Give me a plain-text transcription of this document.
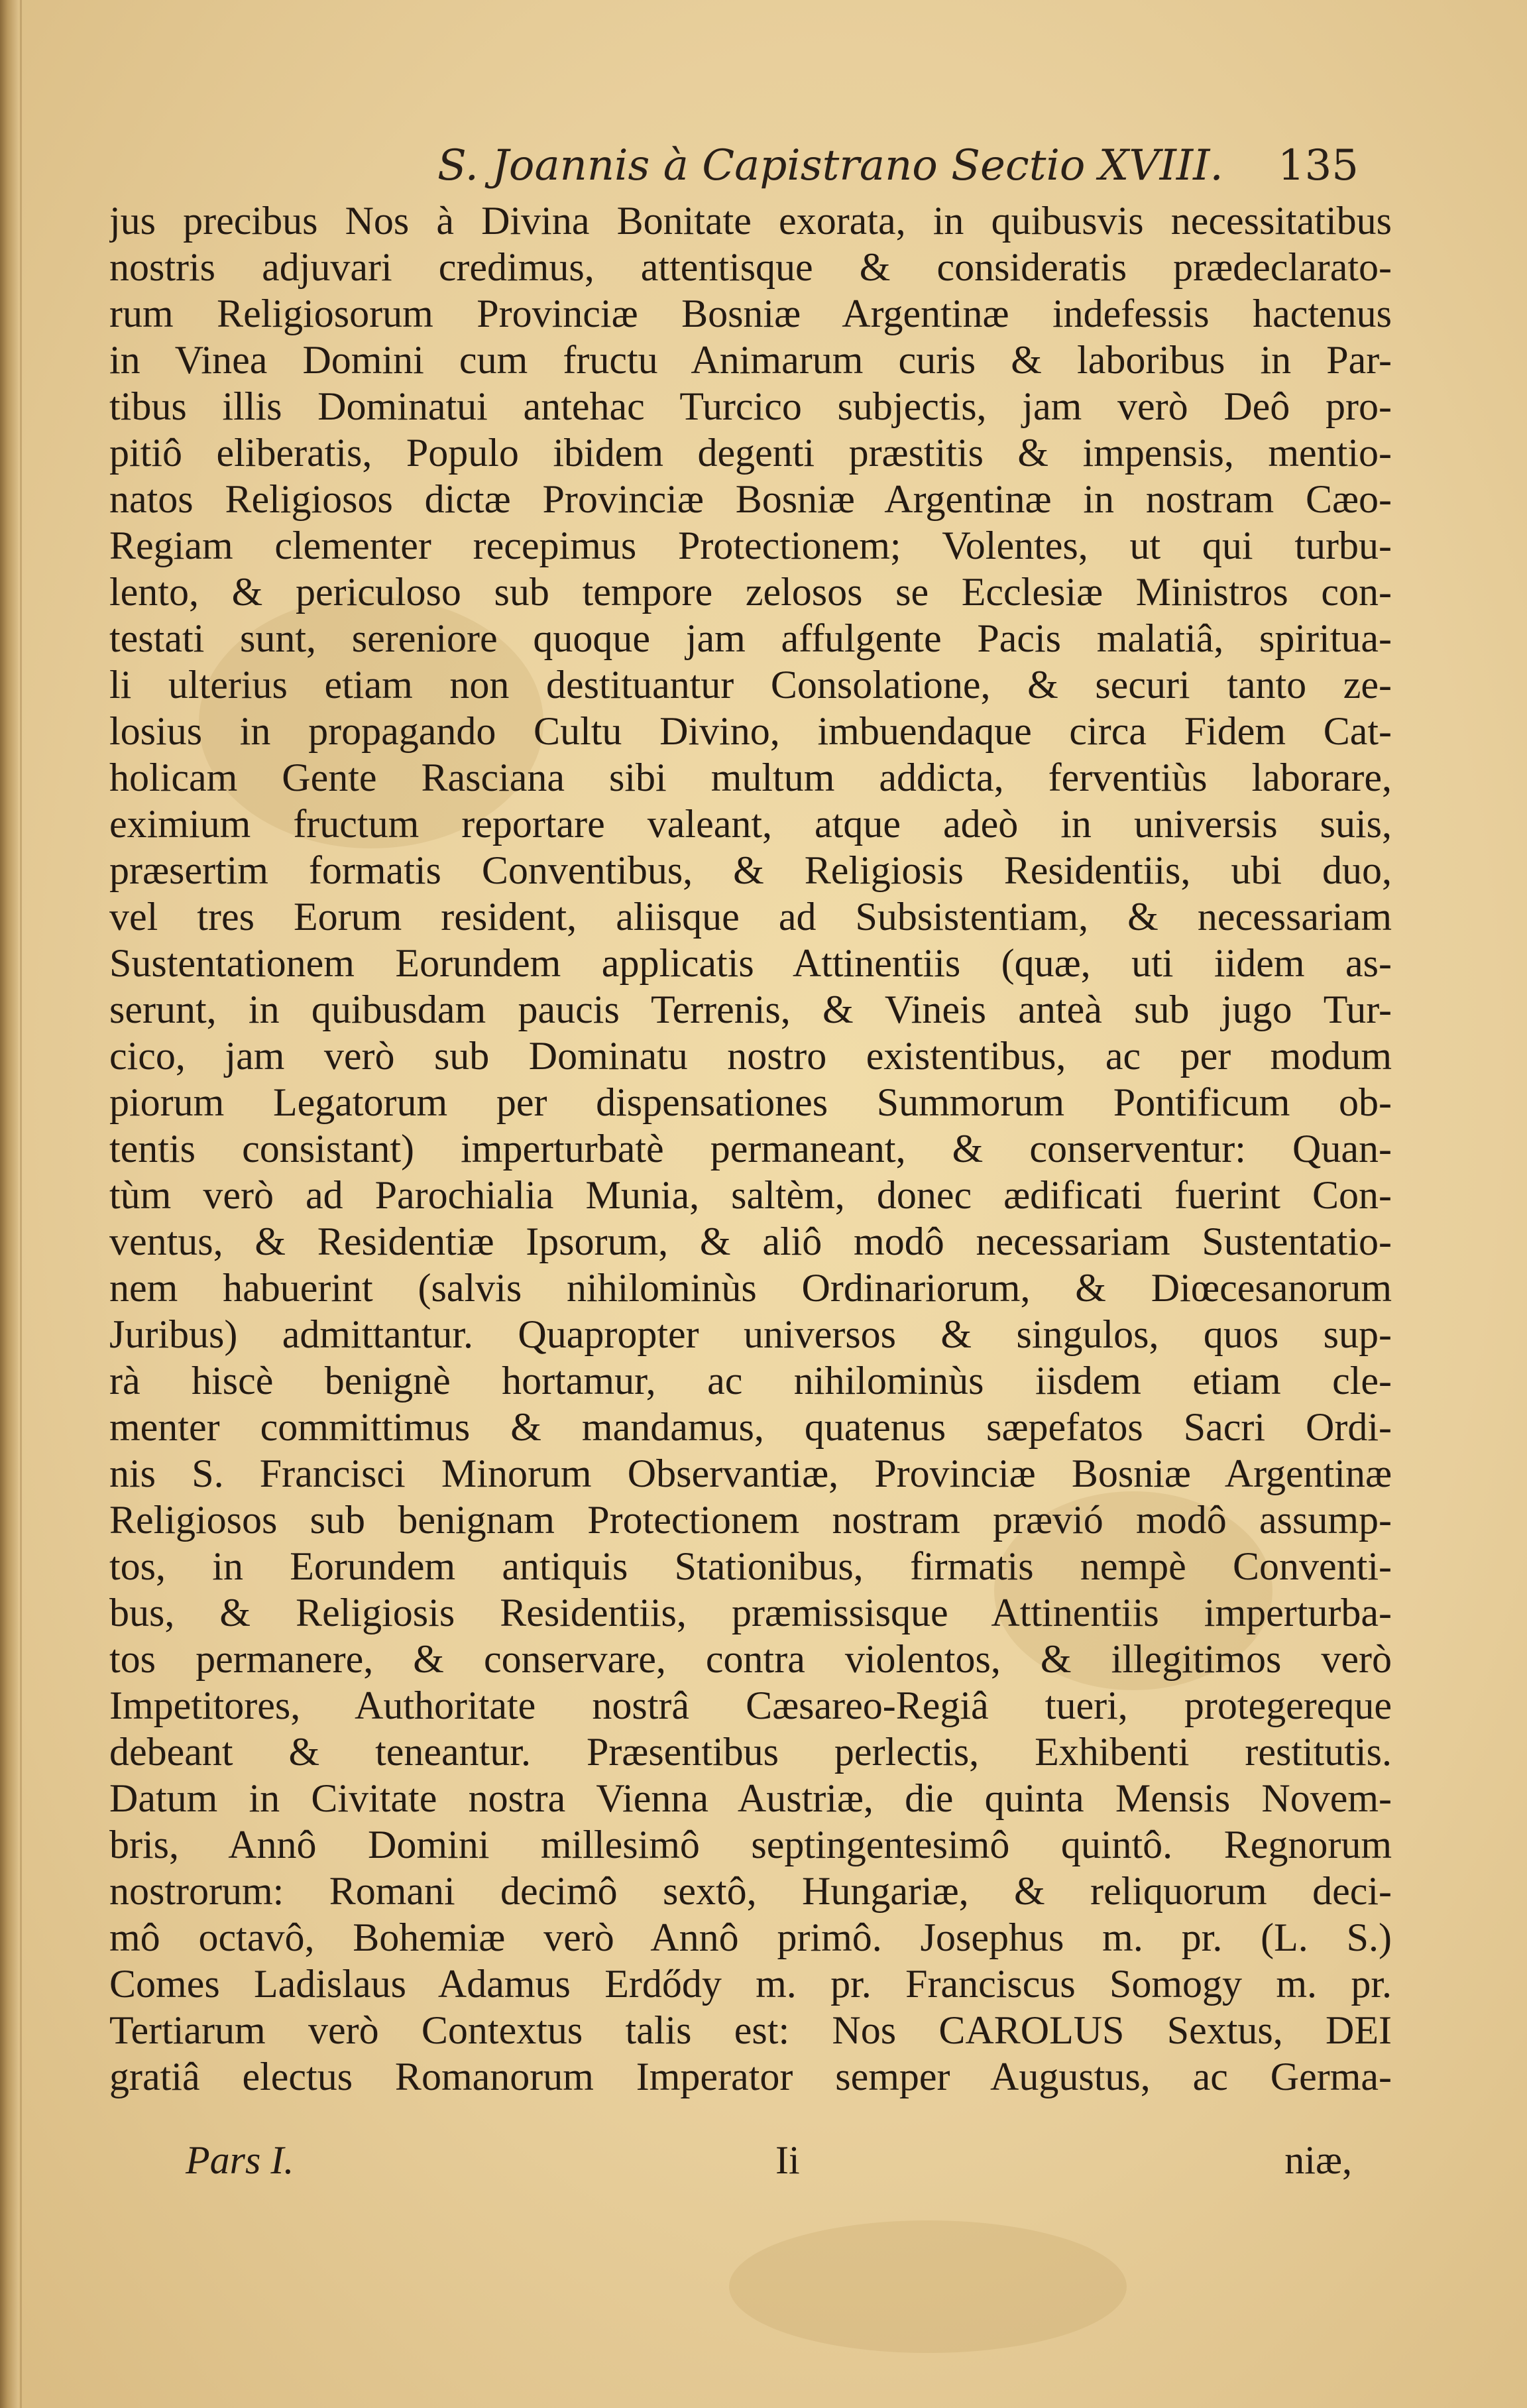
S. Joannis à Capistrano Sectio XVIII. 135
jus precibus Nos à Divina Bonitate exorata, in quibusvis necessitatibus
nostris adjuvari credimus, attentisque & consideratis prædeclarato-
rum Religiosorum Provinciæ Bosniæ Argentinæ indefessis hactenus
in Vinea Domini cum fructu Animarum curis & laboribus in Par-
tibus illis Dominatui antehac Turcico subjectis, jam verò Deô pro-
pitiô eliberatis, Populo ibidem degenti præstitis & impensis, mentio-
natos Religiosos dictæ Provinciæ Bosniæ Argentinæ in nostram Cæo-
Regiam clementer recepimus Protectionem; Volentes, ut qui turbu-
lento, & periculoso sub tempore zelosos se Ecclesiæ Ministros con-
testati sunt, sereniore quoque jam affulgente Pacis malatiâ, spiritua-
li ulterius etiam non destituantur Consolatione, & securi tanto ze-
losius in propagando Cultu Divino, imbuendaque circa Fidem Cat-
holicam Gente Rasciana sibi multum addicta, ferventiùs laborare,
eximium fructum reportare valeant, atque adeò in universis suis,
præsertim formatis Conventibus, & Religiosis Residentiis, ubi duo,
vel tres Eorum resident, aliisque ad Subsistentiam, & necessariam
Sustentationem Eorundem applicatis Attinentiis (quæ, uti iidem as-
serunt, in quibusdam paucis Terrenis, & Vineis anteà sub jugo Tur-
cico, jam verò sub Dominatu nostro existentibus, ac per modum
piorum Legatorum per dispensationes Summorum Pontificum ob-
tentis consistant) imperturbatè permaneant, & conserventur: Quan-
tùm verò ad Parochialia Munia, saltèm, donec ædificati fuerint Con-
ventus, & Residentiæ Ipsorum, & aliô modô necessariam Sustentatio-
nem habuerint (salvis nihilominùs Ordinariorum, & Diœcesanorum
Juribus) admittantur. Quapropter universos & singulos, quos sup-
rà hiscè benignè hortamur, ac nihilominùs iisdem etiam cle-
menter committimus & mandamus, quatenus sæpefatos Sacri Ordi-
nis S. Francisci Minorum Observantiæ, Provinciæ Bosniæ Argentinæ
Religiosos sub benignam Protectionem nostram prævió modô assump-
tos, in Eorundem antiquis Stationibus, firmatis nempè Conventi-
bus, & Religiosis Residentiis, præmissisque Attinentiis imperturba-
tos permanere, & conservare, contra violentos, & illegitimos verò
Impetitores, Authoritate nostrâ Cæsareo-Regiâ tueri, protegereque
debeant & teneantur. Præsentibus perlectis, Exhibenti restitutis.
Datum in Civitate nostra Vienna Austriæ, die quinta Mensis Novem-
bris, Annô Domini millesimô septingentesimô quintô. Regnorum
nostrorum: Romani decimô sextô, Hungariæ, & reliquorum deci-
mô octavô, Bohemiæ verò Annô primô. Josephus m. pr. (L. S.)
Comes Ladislaus Adamus Erdődy m. pr. Franciscus Somogy m. pr.
Tertiarum verò Contextus talis est: Nos CAROLUS Sextus, DEI
gratiâ electus Romanorum Imperator semper Augustus, ac Germa-
Pars I.	Ii	niæ,
